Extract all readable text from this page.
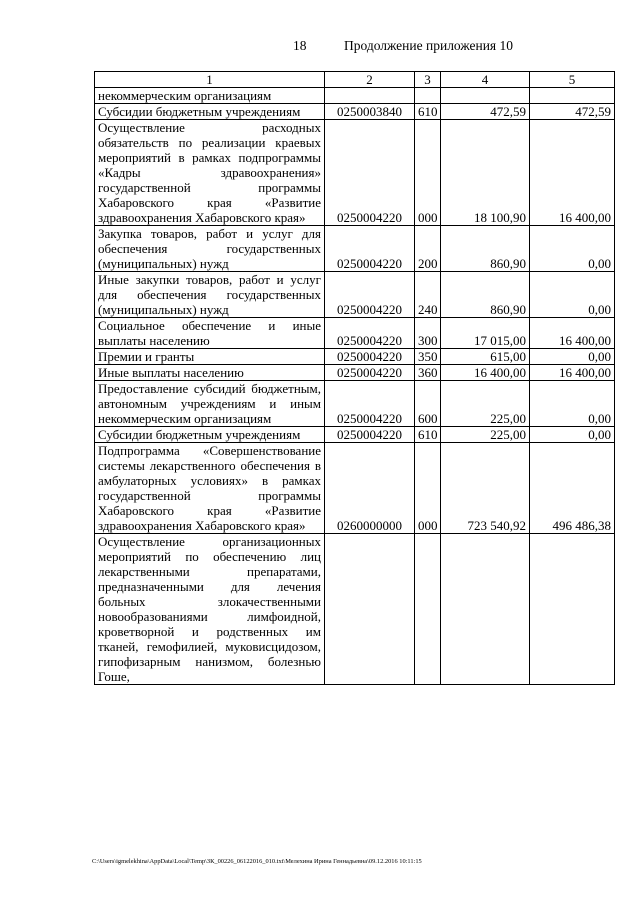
18	Продолжение приложения 10
1	2	3	4	5
некоммерческим организациям				
Субсидии бюджетным учреждениям	0250003840	610	472,59	472,59
Осуществление расходных обязательств по реализации краевых мероприятий в рамках подпрограммы «Кадры здравоохранения» государственной программы Хабаровского края «Развитие здравоохранения Хабаровского края»	0250004220	000	18 100,90	16 400,00
Закупка товаров, работ и услуг для обеспечения государственных (муниципальных) нужд	0250004220	200	860,90	0,00
Иные закупки товаров, работ и услуг для обеспечения государственных (муниципальных) нужд	0250004220	240	860,90	0,00
Социальное обеспечение и иные выплаты населению	0250004220	300	17 015,00	16 400,00
Премии и гранты	0250004220	350	615,00	0,00
Иные выплаты населению	0250004220	360	16 400,00	16 400,00
Предоставление субсидий бюджетным, автономным учреждениям и иным некоммерческим организациям	0250004220	600	225,00	0,00
Субсидии бюджетным учреждениям	0250004220	610	225,00	0,00
Подпрограмма «Совершенствование системы лекарственного обеспечения в амбулаторных условиях» в рамках государственной программы Хабаровского края «Развитие здравоохранения Хабаровского края»	0260000000	000	723 540,92	496 486,38
Осуществление организационных мероприятий по обеспечению лиц лекарственными препаратами, предназначенными для лечения больных злокачественными новообразованиями лимфоидной, кроветворной и родственных им тканей, гемофилией, муковисцидозом, гипофизарным нанизмом, болезнью Гоше,				
C:\Users\igmelekhina\AppData\Local\Temp\ЗК_00226_06122016_010.txt\Мелехина Ирина Геннадьевна\09.12.2016 10:11:15
